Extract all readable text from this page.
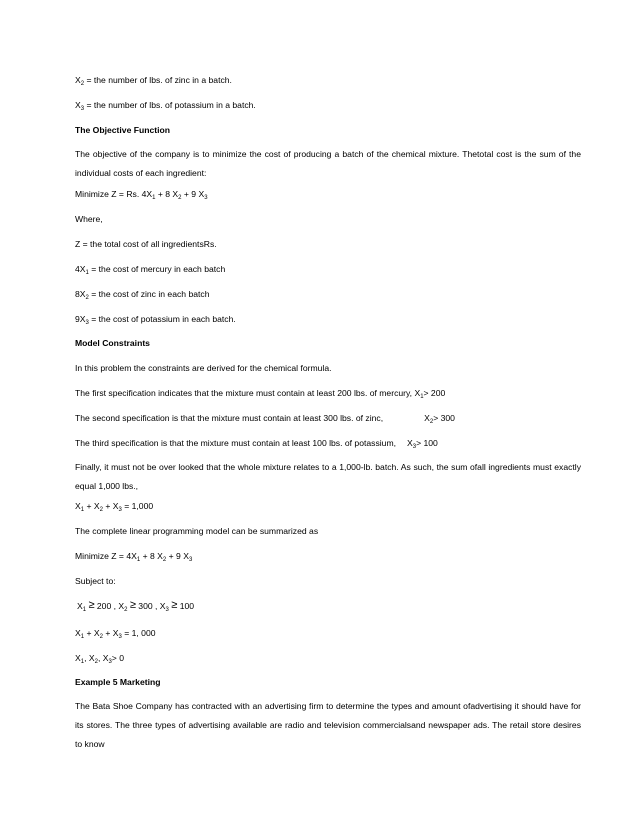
$X_2$ = the number of lbs. of zinc in a batch.
$X_3$ = the number of lbs. of potassium in a batch.
The Objective Function
The objective of the company is to minimize the cost of producing a batch of the chemical mixture. Thetotal cost is the sum of the individual costs of each ingredient:
Minimize Z = Rs. $4X_1 + 8$ $X_2 + 9$ $X_3$
Where,
Z = the total cost of all ingredientsRs.
$4X_1$ = the cost of mercury in each batch
$8X_2$ = the cost of zinc in each batch
$9X_3$ = the cost of potassium in each batch.
Model Constraints
In this problem the constraints are derived for the chemical formula.
The first specification indicates that the mixture must contain at least 200 lbs. of mercury, $X_1> 200$
The second specification is that the mixture must contain at least 300 lbs. of zinc,	$X_2> 300$
The third specification is that the mixture must contain at least 100 lbs. of potassium, $X_3> 100$
Finally, it must not be over looked that the whole mixture relates to a 1,000-lb. batch. As such, the sum ofall ingredients must exactly equal 1,000 lbs.,
$X_1 + X_2 + X_3 = 1,000$
The complete linear programming model can be summarized as
Minimize $Z = 4X_1 + 8$ $X_2 + 9$ $X_3$
Subject to:
$X_1 \ge 200$ , $X_2 \ge 300$ , $X_3 \ge 100$
$X_1 + X_2 + X_3 = 1$, 000
$X_1$, $X_2$, $X_3> 0$
Example 5 Marketing
The Bata Shoe Company has contracted with an advertising firm to determine the types and amount ofadvertising it should have for its stores. The three types of advertising available are radio and television commercialsand newspaper ads. The retail store desires to know
